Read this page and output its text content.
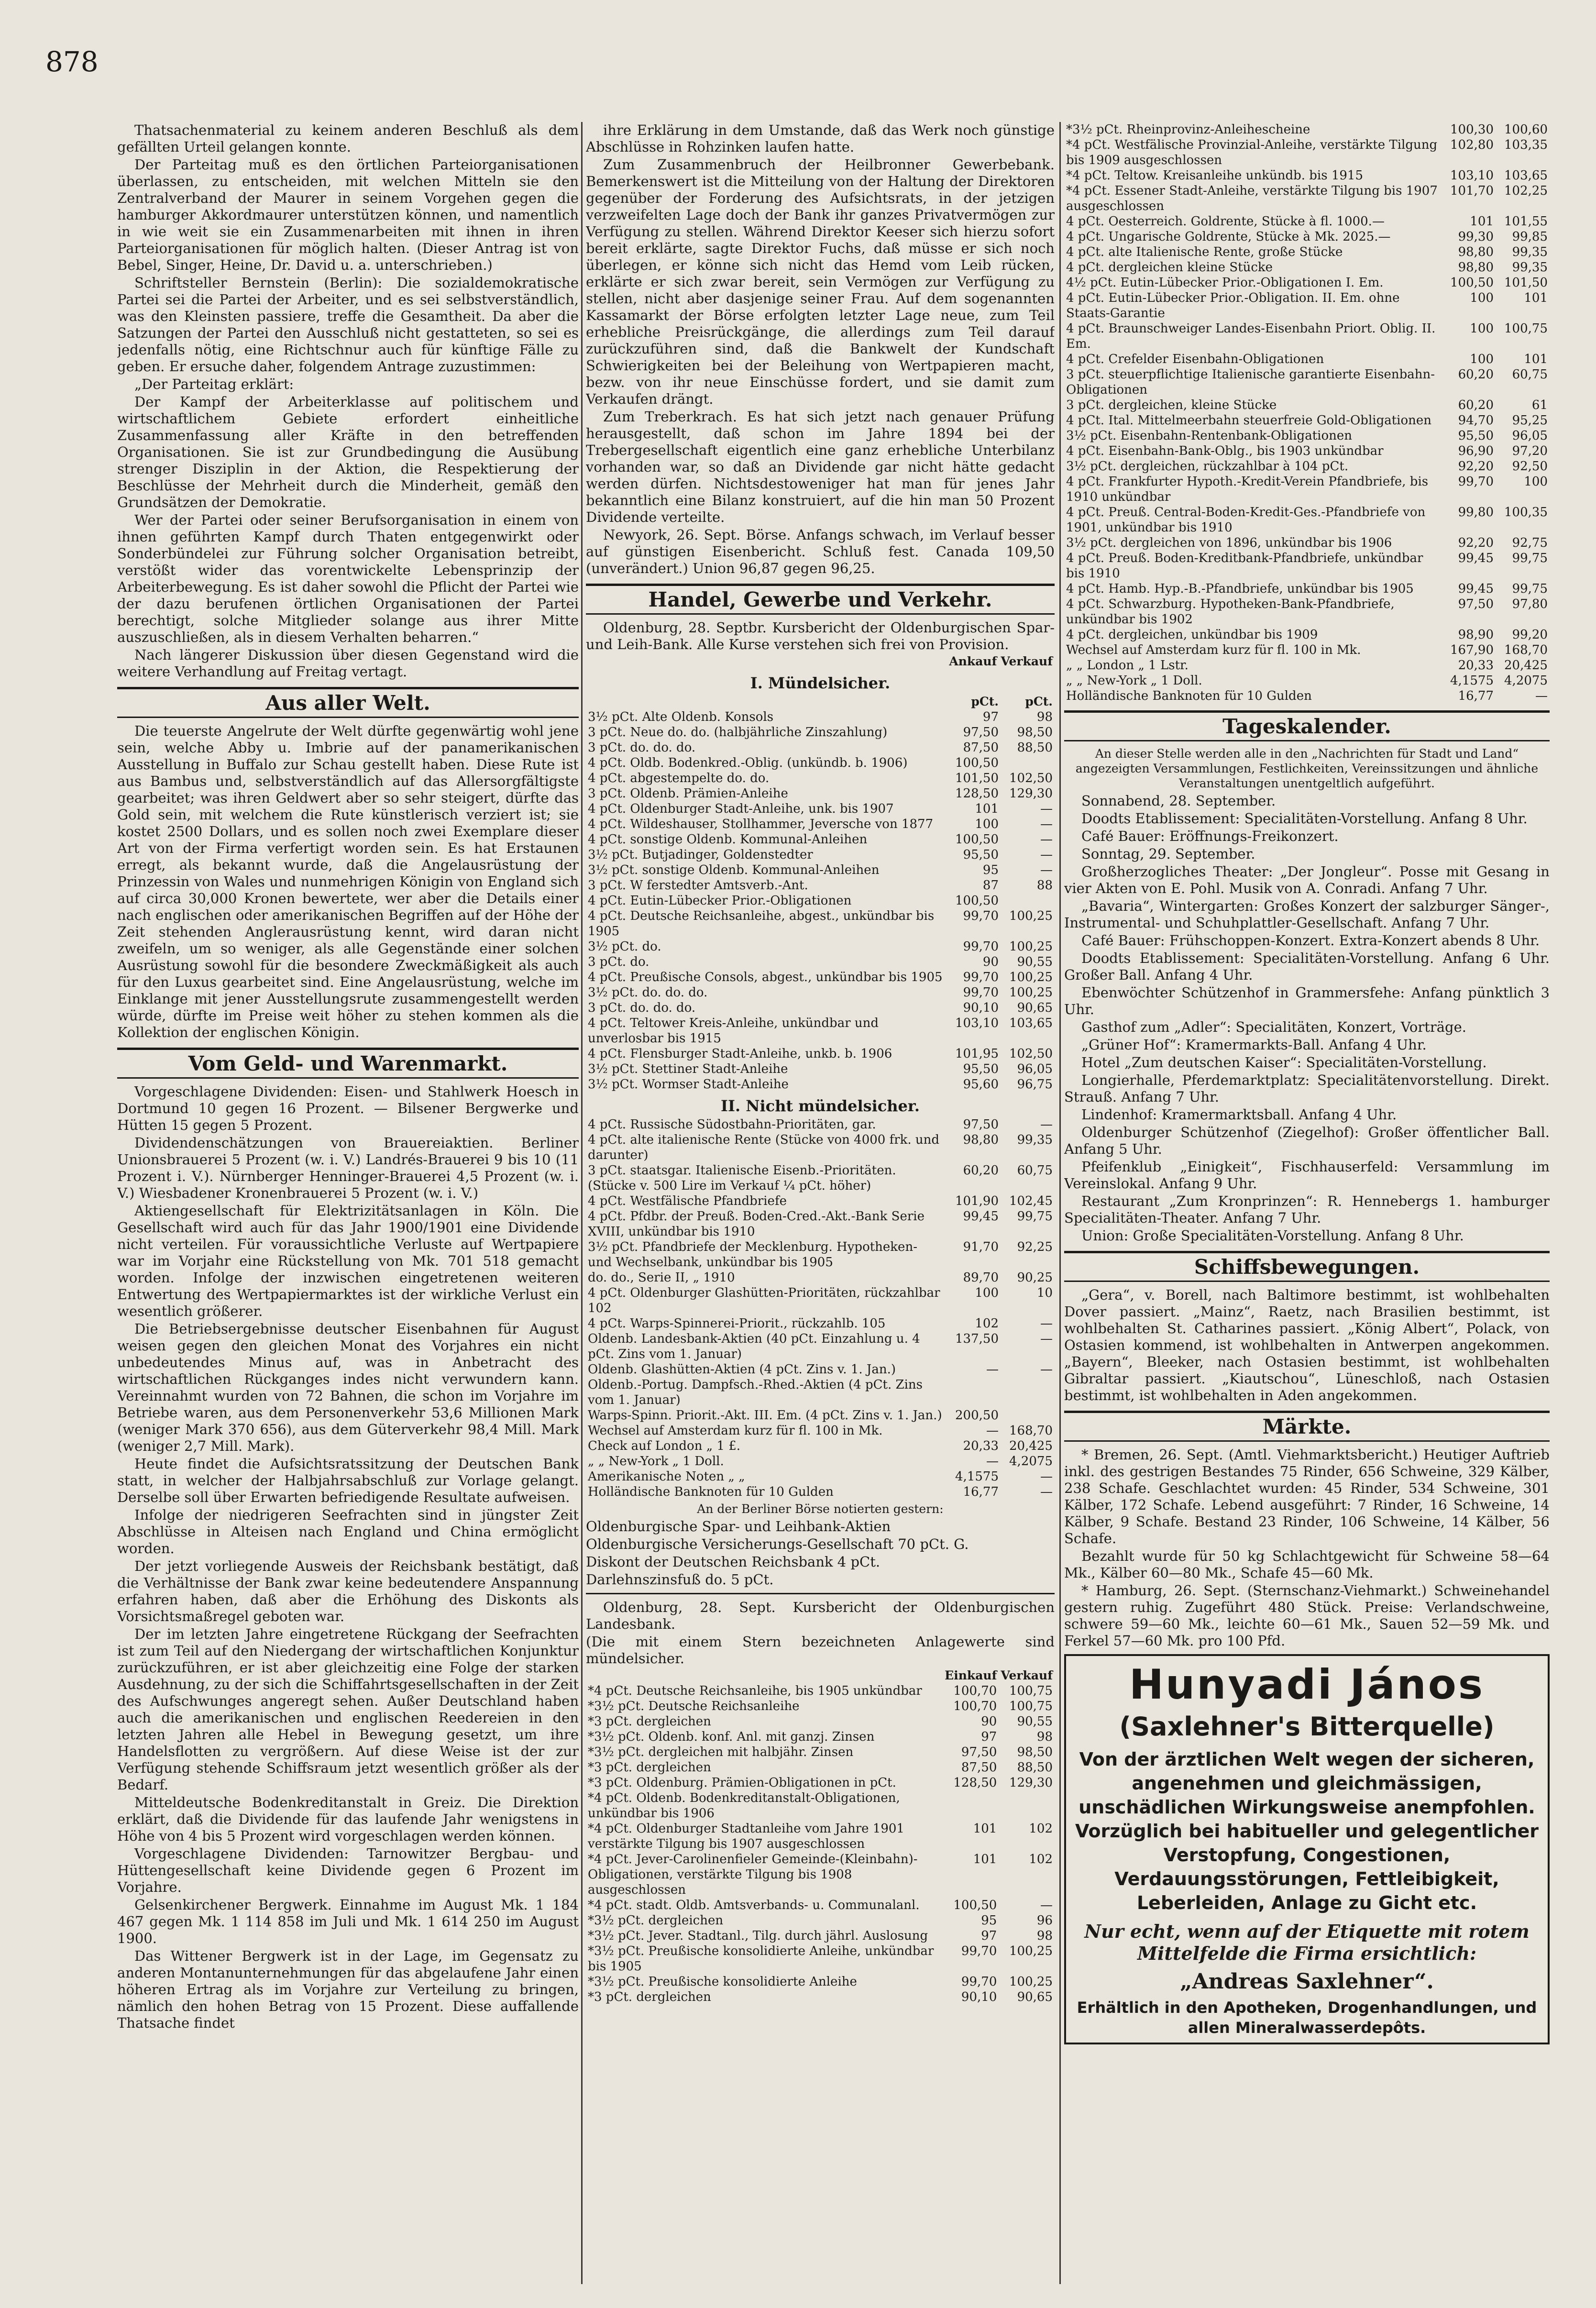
878

Thatsachenmaterial zu keinem anderen Beschluß als dem gefällten Urteil gelangen konnte.

Der Parteitag muß es den örtlichen Parteiorganisationen überlassen, zu entscheiden, mit welchen Mitteln sie den Zentralverband der Maurer in seinem Vorgehen gegen die hamburger Akkordmaurer unterstützen können, und namentlich in wie weit sie ein Zusammenarbeiten mit ihnen in ihren Parteiorganisationen für möglich halten. (Dieser Antrag ist von Bebel, Singer, Heine, Dr. David u. a. unterschrieben.)

Schriftsteller Bernstein (Berlin): Die sozialdemokratische Partei sei die Partei der Arbeiter, und es sei selbstverständlich, was den Kleinsten passiere, treffe die Gesamtheit. Da aber die Satzungen der Partei den Ausschluß nicht gestatteten, so sei es jedenfalls nötig, eine Richtschnur auch für künftige Fälle zu geben. Er ersuche daher, folgendem Antrage zuzustimmen:

„Der Parteitag erklärt:

Der Kampf der Arbeiterklasse auf politischem und wirtschaftlichem Gebiete erfordert einheitliche Zusammenfassung aller Kräfte in den betreffenden Organisationen. Sie ist zur Grundbedingung die Ausübung strenger Disziplin in der Aktion, die Respektierung der Beschlüsse der Mehrheit durch die Minderheit, gemäß den Grundsätzen der Demokratie.

Wer der Partei oder seiner Berufsorganisation in einem von ihnen geführten Kampf durch Thaten entgegenwirkt oder Sonderbündelei zur Führung solcher Organisation betreibt, verstößt wider das vorentwickelte Lebensprinzip der Arbeiterbewegung. Es ist daher sowohl die Pflicht der Partei wie der dazu berufenen örtlichen Organisationen der Partei berechtigt, solche Mitglieder solange aus ihrer Mitte auszuschließen, als in diesem Verhalten beharren.“

Nach längerer Diskussion über diesen Gegenstand wird die weitere Verhandlung auf Freitag vertagt.

Aus aller Welt.

Die teuerste Angelrute der Welt dürfte gegenwärtig wohl jene sein, welche Abby u. Imbrie auf der panamerikanischen Ausstellung in Buffalo zur Schau gestellt haben. Diese Rute ist aus Bambus und, selbstverständlich auf das Allersorgfältigste gearbeitet; was ihren Geldwert aber so sehr steigert, dürfte das Gold sein, mit welchem die Rute künstlerisch verziert ist; sie kostet 2500 Dollars, und es sollen noch zwei Exemplare dieser Art von der Firma verfertigt worden sein. Es hat Erstaunen erregt, als bekannt wurde, daß die Angelausrüstung der Prinzessin von Wales und nunmehrigen Königin von England sich auf circa 30,000 Kronen bewertete, wer aber die Details einer nach englischen oder amerikanischen Begriffen auf der Höhe der Zeit stehenden Anglerausrüstung kennt, wird daran nicht zweifeln, um so weniger, als alle Gegenstände einer solchen Ausrüstung sowohl für die besondere Zweckmäßigkeit als auch für den Luxus gearbeitet sind. Eine Angelausrüstung, welche im Einklange mit jener Ausstellungsrute zusammengestellt werden würde, dürfte im Preise weit höher zu stehen kommen als die Kollektion der englischen Königin.

Vom Geld- und Warenmarkt.

Vorgeschlagene Dividenden: Eisen- und Stahlwerk Hoesch in Dortmund 10 gegen 16 Prozent. — Bilsener Bergwerke und Hütten 15 gegen 5 Prozent.

Dividendenschätzungen von Brauereiaktien. Berliner Unionsbrauerei 5 Prozent (w. i. V.) Landrés-Brauerei 9 bis 10 (11 Prozent i. V.). Nürnberger Henninger-Brauerei 4,5 Prozent (w. i. V.) Wiesbadener Kronenbrauerei 5 Prozent (w. i. V.)

Aktiengesellschaft für Elektrizitätsanlagen in Köln. Die Gesellschaft wird auch für das Jahr 1900/1901 eine Dividende nicht verteilen. Für voraussichtliche Verluste auf Wertpapiere war im Vorjahr eine Rückstellung von Mk. 701 518 gemacht worden. Infolge der inzwischen eingetretenen weiteren Entwertung des Wertpapiermarktes ist der wirkliche Verlust ein wesentlich größerer.

Die Betriebsergebnisse deutscher Eisenbahnen für August weisen gegen den gleichen Monat des Vorjahres ein nicht unbedeutendes Minus auf, was in Anbetracht des wirtschaftlichen Rückganges indes nicht verwundern kann. Vereinnahmt wurden von 72 Bahnen, die schon im Vorjahre im Betriebe waren, aus dem Personenverkehr 53,6 Millionen Mark (weniger Mark 370 656), aus dem Güterverkehr 98,4 Mill. Mark (weniger 2,7 Mill. Mark).

Heute findet die Aufsichtsratssitzung der Deutschen Bank statt, in welcher der Halbjahrsabschluß zur Vorlage gelangt. Derselbe soll über Erwarten befriedigende Resultate aufweisen.

Infolge der niedrigeren Seefrachten sind in jüngster Zeit Abschlüsse in Alteisen nach England und China ermöglicht worden.

Der jetzt vorliegende Ausweis der Reichsbank bestätigt, daß die Verhältnisse der Bank zwar keine bedeutendere Anspannung erfahren haben, daß aber die Erhöhung des Diskonts als Vorsichtsmaßregel geboten war.

Der im letzten Jahre eingetretene Rückgang der Seefrachten ist zum Teil auf den Niedergang der wirtschaftlichen Konjunktur zurückzuführen, er ist aber gleichzeitig eine Folge der starken Ausdehnung, zu der sich die Schiffahrtsgesellschaften in der Zeit des Aufschwunges angeregt sehen. Außer Deutschland haben auch die amerikanischen und englischen Reedereien in den letzten Jahren alle Hebel in Bewegung gesetzt, um ihre Handelsflotten zu vergrößern. Auf diese Weise ist der zur Verfügung stehende Schiffsraum jetzt wesentlich größer als der Bedarf.

Mitteldeutsche Bodenkreditanstalt in Greiz. Die Direktion erklärt, daß die Dividende für das laufende Jahr wenigstens in Höhe von 4 bis 5 Prozent wird vorgeschlagen werden können.

Vorgeschlagene Dividenden: Tarnowitzer Bergbau- und Hüttengesellschaft keine Dividende gegen 6 Prozent im Vorjahre.

Gelsenkirchener Bergwerk. Einnahme im August Mk. 1 184 467 gegen Mk. 1 114 858 im Juli und Mk. 1 614 250 im August 1900.

Das Wittener Bergwerk ist in der Lage, im Gegensatz zu anderen Montanunternehmungen für das abgelaufene Jahr einen höheren Ertrag als im Vorjahre zur Verteilung zu bringen, nämlich den hohen Betrag von 15 Prozent. Diese auffallende Thatsache findet

ihre Erklärung in dem Umstande, daß das Werk noch günstige Abschlüsse in Rohzinken laufen hatte.

Zum Zusammenbruch der Heilbronner Gewerbebank. Bemerkenswert ist die Mitteilung von der Haltung der Direktoren gegenüber der Forderung des Aufsichtsrats, in der jetzigen verzweifelten Lage doch der Bank ihr ganzes Privatvermögen zur Verfügung zu stellen. Während Direktor Keeser sich hierzu sofort bereit erklärte, sagte Direktor Fuchs, daß müsse er sich noch überlegen, er könne sich nicht das Hemd vom Leib rücken, erklärte er sich zwar bereit, sein Vermögen zur Verfügung zu stellen, nicht aber dasjenige seiner Frau. Auf dem sogenannten Kassamarkt der Börse erfolgten letzter Lage neue, zum Teil erhebliche Preisrückgänge, die allerdings zum Teil darauf zurückzuführen sind, daß die Bankwelt der Kundschaft Schwierigkeiten bei der Beleihung von Wertpapieren macht, bezw. von ihr neue Einschüsse fordert, und sie damit zum Verkaufen drängt.

Zum Treberkrach. Es hat sich jetzt nach genauer Prüfung herausgestellt, daß schon im Jahre 1894 bei der Trebergesellschaft eigentlich eine ganz erhebliche Unterbilanz vorhanden war, so daß an Dividende gar nicht hätte gedacht werden dürfen. Nichtsdestoweniger hat man für jenes Jahr bekanntlich eine Bilanz konstruiert, auf die hin man 50 Prozent Dividende verteilte.

Newyork, 26. Sept. Börse. Anfangs schwach, im Verlauf besser auf günstigen Eisenbericht. Schluß fest. Canada 109,50 (unverändert.) Union 96,87 gegen 96,25.

Handel, Gewerbe und Verkehr.

Oldenburg, 28. Septbr. Kursbericht der Oldenburgischen Spar- und Leih-Bank. Alle Kurse verstehen sich frei von Provision.

	Ankauf	Verkauf
I. Mündelsicher.
	pCt.	pCt.
3½ pCt. Alte Oldenb. Konsols	97	98
3 pCt. Neue do. do. (halbjährliche Zinszahlung)	97,50	98,50
3 pCt. do. do. do.	87,50	88,50
4 pCt. Oldb. Bodenkred.-Oblig. (unkündb. b. 1906)	100,50	
4 pCt. abgestempelte do. do.	101,50	102,50
3 pCt. Oldenb. Prämien-Anleihe	128,50	129,30
4 pCt. Oldenburger Stadt-Anleihe, unk. bis 1907	101	—
4 pCt. Wildeshauser, Stollhammer, Jeversche von 1877	100	—
4 pCt. sonstige Oldenb. Kommunal-Anleihen	100,50	—
3½ pCt. Butjadinger, Goldenstedter	95,50	—
3½ pCt. sonstige Oldenb. Kommunal-Anleihen	95	—
3 pCt. W ferstedter Amtsverb.-Ant.	87	88
4 pCt. Eutin-Lübecker Prior.-Obligationen	100,50	
4 pCt. Deutsche Reichsanleihe, abgest., unkündbar bis 1905	99,70	100,25
3½ pCt. do.	99,70	100,25
3 pCt. do.	90	90,55
4 pCt. Preußische Consols, abgest., unkündbar bis 1905	99,70	100,25
3½ pCt. do. do. do.	99,70	100,25
3 pCt. do. do. do.	90,10	90,65
4 pCt. Teltower Kreis-Anleihe, unkündbar und unverlosbar bis 1915	103,10	103,65
4 pCt. Flensburger Stadt-Anleihe, unkb. b. 1906	101,95	102,50
3½ pCt. Stettiner Stadt-Anleihe	95,50	96,05
3½ pCt. Wormser Stadt-Anleihe	95,60	96,75
II. Nicht mündelsicher.
4 pCt. Russische Südostbahn-Prioritäten, gar.	97,50	—
4 pCt. alte italienische Rente (Stücke von 4000 frk. und darunter)	98,80	99,35
3 pCt. staatsgar. Italienische Eisenb.-Prioritäten. (Stücke v. 500 Lire im Verkauf ¼ pCt. höher)	60,20	60,75
4 pCt. Westfälische Pfandbriefe	101,90	102,45
4 pCt. Pfdbr. der Preuß. Boden-Cred.-Akt.-Bank Serie XVIII, unkündbar bis 1910	99,45	99,75
3½ pCt. Pfandbriefe der Mecklenburg. Hypotheken- und Wechselbank, unkündbar bis 1905	91,70	92,25
do. do., Serie II, „ 1910	89,70	90,25
4 pCt. Oldenburger Glashütten-Prioritäten, rückzahlbar 102	100	10
4 pCt. Warps-Spinnerei-Priorit., rückzahlb. 105	102	—
Oldenb. Landesbank-Aktien (40 pCt. Einzahlung u. 4 pCt. Zins vom 1. Januar)	137,50	—
Oldenb. Glashütten-Aktien (4 pCt. Zins v. 1. Jan.)	—	—
Oldenb.-Portug. Dampfsch.-Rhed.-Aktien (4 pCt. Zins vom 1. Januar)		
Warps-Spinn. Priorit.-Akt. III. Em. (4 pCt. Zins v. 1. Jan.)	200,50	
Wechsel auf Amsterdam kurz für fl. 100 in Mk.	—	168,70
Check auf London „ 1 £.	20,33	20,425
„ „ New-York „ 1 Doll.	—	4,2075
Amerikanische Noten „ „	4,1575	—
Holländische Banknoten für 10 Gulden	16,77	—
An der Berliner Börse notierten gestern:

Oldenburgische Spar- und Leihbank-Aktien

Oldenburgische Versicherungs-Gesellschaft 70 pCt. G.

Diskont der Deutschen Reichsbank 4 pCt.

Darlehnszinsfuß do. 5 pCt.

Oldenburg, 28. Sept. Kursbericht der Oldenburgischen Landesbank.

(Die mit einem Stern bezeichneten Anlagewerte sind mündelsicher.

	Einkauf	Verkauf
*4 pCt. Deutsche Reichsanleihe, bis 1905 unkündbar	100,70	100,75
*3½ pCt. Deutsche Reichsanleihe	100,70	100,75
*3 pCt. dergleichen	90	90,55
*3½ pCt. Oldenb. konf. Anl. mit ganzj. Zinsen	97	98
*3½ pCt. dergleichen mit halbjähr. Zinsen	97,50	98,50
*3 pCt. dergleichen	87,50	88,50
*3 pCt. Oldenburg. Prämien-Obligationen in pCt.	128,50	129,30
*4 pCt. Oldenb. Bodenkreditanstalt-Obligationen, unkündbar bis 1906		
*4 pCt. Oldenburger Stadtanleihe vom Jahre 1901 verstärkte Tilgung bis 1907 ausgeschlossen	101	102
*4 pCt. Jever-Carolinenfieler Gemeinde-(Kleinbahn)-Obligationen, verstärkte Tilgung bis 1908 ausgeschlossen	101	102
*4 pCt. stadt. Oldb. Amtsverbands- u. Communalanl.	100,50	—
*3½ pCt. dergleichen	95	96
*3½ pCt. Jever. Stadtanl., Tilg. durch jährl. Auslosung	97	98
*3½ pCt. Preußische konsolidierte Anleihe, unkündbar bis 1905	99,70	100,25
*3½ pCt. Preußische konsolidierte Anleihe	99,70	100,25
*3 pCt. dergleichen	90,10	90,65
*3½ pCt. Rheinprovinz-Anleihescheine	100,30	100,60
*4 pCt. Westfälische Provinzial-Anleihe, verstärkte Tilgung bis 1909 ausgeschlossen	102,80	103,35
*4 pCt. Teltow. Kreisanleihe unkündb. bis 1915	103,10	103,65
*4 pCt. Essener Stadt-Anleihe, verstärkte Tilgung bis 1907 ausgeschlossen	101,70	102,25
4 pCt. Oesterreich. Goldrente, Stücke à fl. 1000.—	101	101,55
4 pCt. Ungarische Goldrente, Stücke à Mk. 2025.—	99,30	99,85
4 pCt. alte Italienische Rente, große Stücke	98,80	99,35
4 pCt. dergleichen kleine Stücke	98,80	99,35
4½ pCt. Eutin-Lübecker Prior.-Obligationen I. Em.	100,50	101,50
4 pCt. Eutin-Lübecker Prior.-Obligation. II. Em. ohne Staats-Garantie	100	101
4 pCt. Braunschweiger Landes-Eisenbahn Priort. Oblig. II. Em.	100	100,75
4 pCt. Crefelder Eisenbahn-Obligationen	100	101
3 pCt. steuerpflichtige Italienische garantierte Eisenbahn-Obligationen	60,20	60,75
3 pCt. dergleichen, kleine Stücke	60,20	61
4 pCt. Ital. Mittelmeerbahn steuerfreie Gold-Obligationen	94,70	95,25
3½ pCt. Eisenbahn-Rentenbank-Obligationen	95,50	96,05
4 pCt. Eisenbahn-Bank-Oblg., bis 1903 unkündbar	96,90	97,20
3½ pCt. dergleichen, rückzahlbar à 104 pCt.	92,20	92,50
4 pCt. Frankfurter Hypoth.-Kredit-Verein Pfandbriefe, bis 1910 unkündbar	99,70	100
4 pCt. Preuß. Central-Boden-Kredit-Ges.-Pfandbriefe von 1901, unkündbar bis 1910	99,80	100,35
3½ pCt. dergleichen von 1896, unkündbar bis 1906	92,20	92,75
4 pCt. Preuß. Boden-Kreditbank-Pfandbriefe, unkündbar bis 1910	99,45	99,75
4 pCt. Hamb. Hyp.-B.-Pfandbriefe, unkündbar bis 1905	99,45	99,75
4 pCt. Schwarzburg. Hypotheken-Bank-Pfandbriefe, unkündbar bis 1902	97,50	97,80
4 pCt. dergleichen, unkündbar bis 1909	98,90	99,20
Wechsel auf Amsterdam kurz für fl. 100 in Mk.	167,90	168,70
„ „ London „ 1 Lstr.	20,33	20,425
„ „ New-York „ 1 Doll.	4,1575	4,2075
Holländische Banknoten für 10 Gulden	16,77	—
Tageskalender.
An dieser Stelle werden alle in den „Nachrichten für Stadt und Land“ angezeigten Versammlungen, Festlichkeiten, Vereinssitzungen und ähnliche Veranstaltungen unentgeltlich aufgeführt.

Sonnabend, 28. September.

Doodts Etablissement: Specialitäten-Vorstellung. Anfang 8 Uhr.

Café Bauer: Eröffnungs-Freikonzert.

Sonntag, 29. September.

Großherzogliches Theater: „Der Jongleur“. Posse mit Gesang in vier Akten von E. Pohl. Musik von A. Conradi. Anfang 7 Uhr.

„Bavaria“, Wintergarten: Großes Konzert der salzburger Sänger-, Instrumental- und Schuhplattler-Gesellschaft. Anfang 7 Uhr.

Café Bauer: Frühschoppen-Konzert. Extra-Konzert abends 8 Uhr.

Doodts Etablissement: Specialitäten-Vorstellung. Anfang 6 Uhr. Großer Ball. Anfang 4 Uhr.

Ebenwöchter Schützenhof in Grammersfehe: Anfang pünktlich 3 Uhr.

Gasthof zum „Adler“: Specialitäten, Konzert, Vorträge.

„Grüner Hof“: Kramermarkts-Ball. Anfang 4 Uhr.

Hotel „Zum deutschen Kaiser“: Specialitäten-Vorstellung.

Longierhalle, Pferdemarktplatz: Specialitätenvorstellung. Direkt. Strauß. Anfang 7 Uhr.

Lindenhof: Kramermarktsball. Anfang 4 Uhr.

Oldenburger Schützenhof (Ziegelhof): Großer öffentlicher Ball. Anfang 5 Uhr.

Pfeifenklub „Einigkeit“, Fischhauserfeld: Versammlung im Vereinslokal. Anfang 9 Uhr.

Restaurant „Zum Kronprinzen“: R. Hennebergs 1. hamburger Specialitäten-Theater. Anfang 7 Uhr.

Union: Große Specialitäten-Vorstellung. Anfang 8 Uhr.

Schiffsbewegungen.

„Gera“, v. Borell, nach Baltimore bestimmt, ist wohlbehalten Dover passiert. „Mainz“, Raetz, nach Brasilien bestimmt, ist wohlbehalten St. Catharines passiert. „König Albert“, Polack, von Ostasien kommend, ist wohlbehalten in Antwerpen angekommen. „Bayern“, Bleeker, nach Ostasien bestimmt, ist wohlbehalten Gibraltar passiert. „Kiautschou“, Lüneschloß, nach Ostasien bestimmt, ist wohlbehalten in Aden angekommen.

Märkte.

* Bremen, 26. Sept. (Amtl. Viehmarktsbericht.) Heutiger Auftrieb inkl. des gestrigen Bestandes 75 Rinder, 656 Schweine, 329 Kälber, 238 Schafe. Geschlachtet wurden: 45 Rinder, 534 Schweine, 301 Kälber, 172 Schafe. Lebend ausgeführt: 7 Rinder, 16 Schweine, 14 Kälber, 9 Schafe. Bestand 23 Rinder, 106 Schweine, 14 Kälber, 56 Schafe.

Bezahlt wurde für 50 kg Schlachtgewicht für Schweine 58—64 Mk., Kälber 60—80 Mk., Schafe 45—60 Mk.

* Hamburg, 26. Sept. (Sternschanz-Viehmarkt.) Schweinehandel gestern ruhig. Zugeführt 480 Stück. Preise: Verlandschweine, schwere 59—60 Mk., leichte 60—61 Mk., Sauen 52—59 Mk. und Ferkel 57—60 Mk. pro 100 Pfd.

Hunyadi János
(Saxlehner's Bitterquelle)
Von der ärztlichen Welt wegen der sicheren, angenehmen und gleichmässigen, unschädlichen Wirkungsweise anempfohlen. Vorzüglich bei habitueller und gelegentlicher Verstopfung, Congestionen, Verdauungsstörungen, Fettleibigkeit, Leberleiden, Anlage zu Gicht etc.
Nur echt, wenn auf der Etiquette mit rotem Mittelfelde die Firma ersichtlich:
„Andreas Saxlehner“.
Erhältlich in den Apotheken, Drogenhandlungen, und allen Mineralwasserdepôts.
